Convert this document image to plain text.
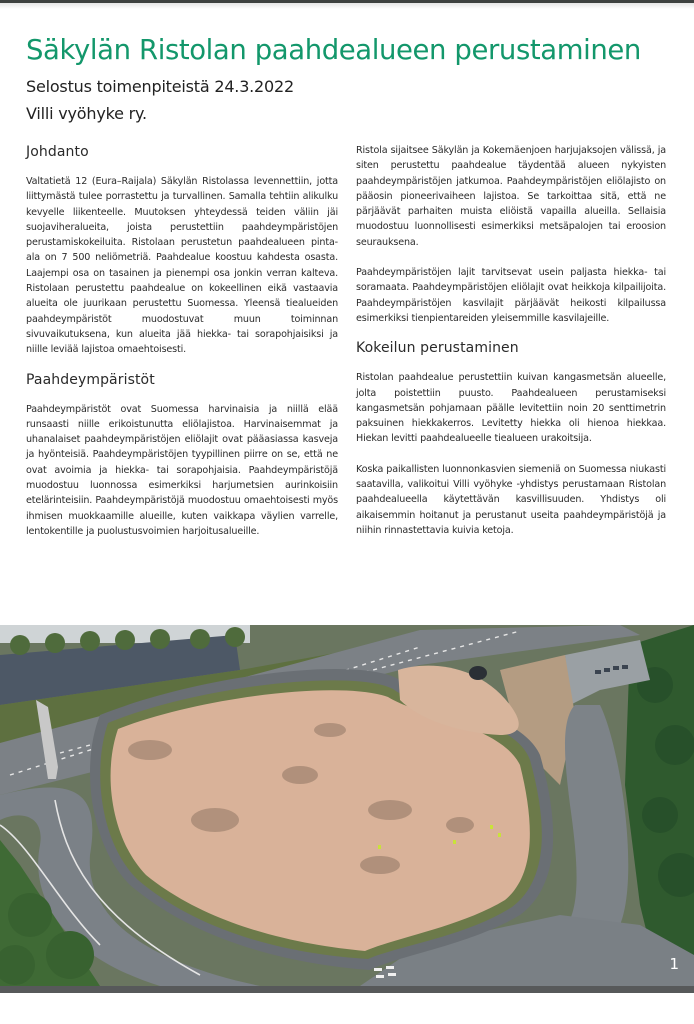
Säkylän Ristolan paahdealueen perustaminen

Selostus toimenpiteistä 24.3.2022

Villi vyöhyke ry.

Johdanto

Valtatietä 12 (Eura–Raijala) Säkylän Ristolassa levennettiin, jotta liittymästä tulee porrastettu ja turvallinen. Samalla tehtiin alikulku kevyelle liikenteelle. Muutoksen yhteydessä teiden väliin jäi suojaviheralueita, joista perustettiin paahdeympäristöjen perustamiskokeiluita. Ristolaan perustetun paahdealueen pinta-ala on 7 500 neliömetriä. Paahdealue koostuu kahdesta osasta. Laajempi osa on tasainen ja pienempi osa jonkin verran kalteva. Ristolaan perustettu paahdealue on kokeellinen eikä vastaavia alueita ole juurikaan perustettu Suomessa. Yleensä tiealueiden paahdeympäristöt muodostuvat muun toiminnan sivuvaikutuksena, kun alueita jää hiekka- tai sorapohjaisiksi ja niille leviää lajistoa omaehtoisesti.

Paahdeympäristöt

Paahdeympäristöt ovat Suomessa harvinaisia ja niillä elää runsaasti niille erikoistunutta eliölajistoa. Harvinaisemmat ja uhanalaiset paahdeympäristöjen eliölajit ovat pääasiassa kasveja ja hyönteisiä. Paahdeympäristöjen tyypillinen piirre on se, että ne ovat avoimia ja hiekka- tai sorapohjaisia. Paahdeympäristöjä muodostuu luonnossa esimerkiksi harjumetsien aurinkoisiin etelärinteisiin. Paahdeympäristöjä muodostuu omaehtoisesti myös ihmisen muokkaamille alueille, kuten vaikkapa väylien varrelle, lentokentille ja puolustusvoimien harjoitusalueille.

Ristola sijaitsee Säkylän ja Kokemäenjoen harjujaksojen välissä, ja siten perustettu paahdealue täydentää alueen nykyisten paahdeympäristöjen jatkumoa. Paahdeympäristöjen eliölajisto on pääosin pioneerivaiheen lajistoa. Se tarkoittaa sitä, että ne pärjäävät parhaiten muista eliöistä vapailla alueilla. Sellaisia muodostuu luonnollisesti esimerkiksi metsäpalojen tai eroosion seurauksena.

Paahdeympäristöjen lajit tarvitsevat usein paljasta hiekka- tai soramaata. Paahdeympäristöjen eliölajit ovat heikkoja kilpailijoita. Paahdeympäristöjen kasvilajit pärjäävät heikosti kilpailussa esimerkiksi tienpientareiden yleisemmille kasvilajeille.

Kokeilun perustaminen

Ristolan paahdealue perustettiin kuivan kangasmetsän alueelle, jolta poistettiin puusto. Paahdealueen perustamiseksi kangasmetsän pohjamaan päälle levitettiin noin 20 senttimetrin paksuinen hiekkakerros. Levitetty hiekka oli hienoa hiekkaa. Hiekan levitti paahdealueelle tiealueen urakoitsija.

Koska paikallisten luonnonkasvien siemeniä on Suomessa niukasti saatavilla, valikoitui Villi vyöhyke -yhdistys perustamaan Ristolan paahdealueella käytettävän kasvillisuuden. Yhdistys oli aikaisemmin hoitanut ja perustanut useita paahdeympäristöjä ja niihin rinnastettavia kuivia ketoja.

1
